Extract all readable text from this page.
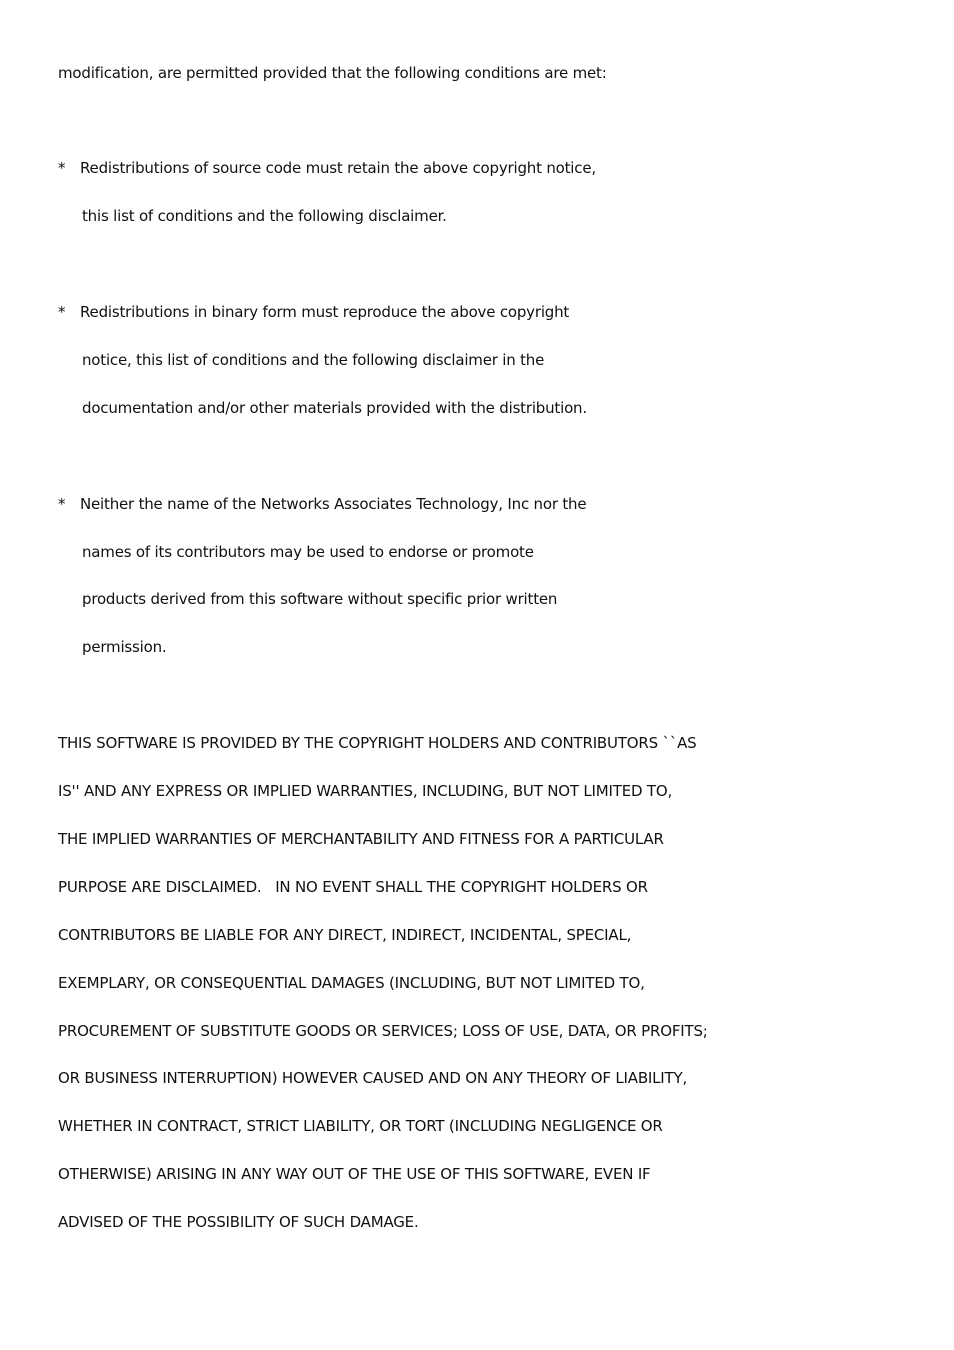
modification, are permitted provided that the following conditions are met:
* Redistributions of source code must retain the above copyright notice,
this list of conditions and the following disclaimer.
* Redistributions in binary form must reproduce the above copyright
notice, this list of conditions and the following disclaimer in the
documentation and/or other materials provided with the distribution.
* Neither the name of the Networks Associates Technology, Inc nor the
names of its contributors may be used to endorse or promote
products derived from this software without specific prior written
permission.
THIS SOFTWARE IS PROVIDED BY THE COPYRIGHT HOLDERS AND CONTRIBUTORS ``AS
IS'' AND ANY EXPRESS OR IMPLIED WARRANTIES, INCLUDING, BUT NOT LIMITED TO,
THE IMPLIED WARRANTIES OF MERCHANTABILITY AND FITNESS FOR A PARTICULAR
PURPOSE ARE DISCLAIMED.   IN NO EVENT SHALL THE COPYRIGHT HOLDERS OR
CONTRIBUTORS BE LIABLE FOR ANY DIRECT, INDIRECT, INCIDENTAL, SPECIAL,
EXEMPLARY, OR CONSEQUENTIAL DAMAGES (INCLUDING, BUT NOT LIMITED TO,
PROCUREMENT OF SUBSTITUTE GOODS OR SERVICES; LOSS OF USE, DATA, OR PROFITS;
OR BUSINESS INTERRUPTION) HOWEVER CAUSED AND ON ANY THEORY OF LIABILITY,
WHETHER IN CONTRACT, STRICT LIABILITY, OR TORT (INCLUDING NEGLIGENCE OR
OTHERWISE) ARISING IN ANY WAY OUT OF THE USE OF THIS SOFTWARE, EVEN IF
ADVISED OF THE POSSIBILITY OF SUCH DAMAGE.
